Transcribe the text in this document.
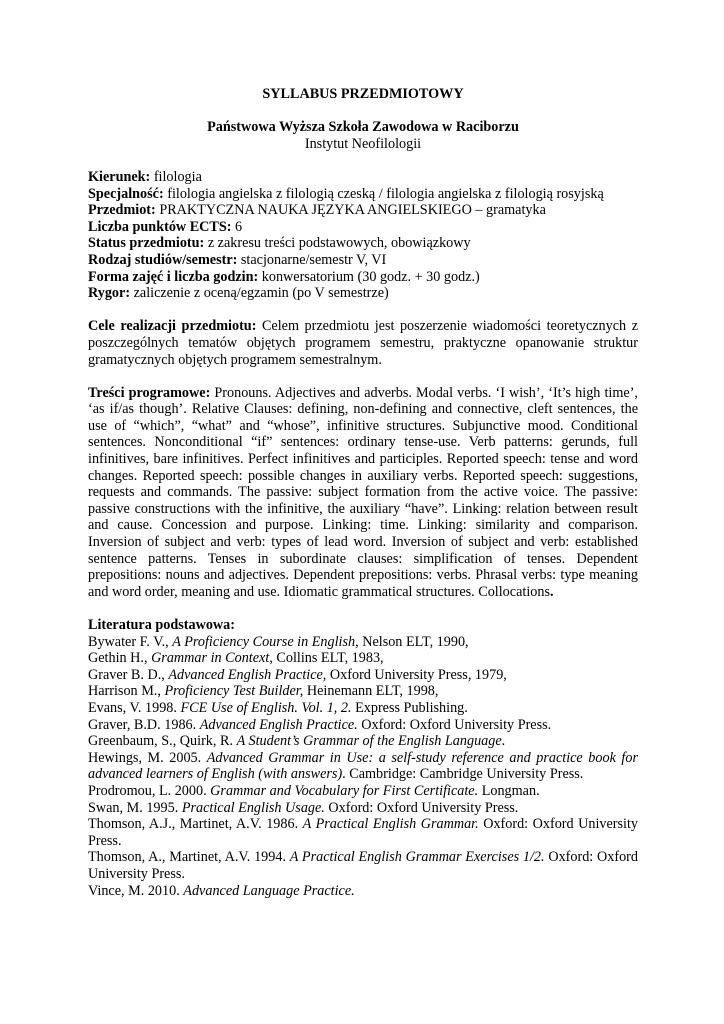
SYLLABUS PRZEDMIOTOWY

Państwowa Wyższa Szkoła Zawodowa w Raciborzu

Instytut Neofilologii

Kierunek: filologia

Specjalność: filologia angielska z filologią czeską / filologia angielska z filologią rosyjską

Przedmiot: PRAKTYCZNA NAUKA JĘZYKA ANGIELSKIEGO – gramatyka

Liczba punktów ECTS: 6

Status przedmiotu: z zakresu treści podstawowych, obowiązkowy

Rodzaj studiów/semestr: stacjonarne/semestr V, VI

Forma zajęć i liczba godzin: konwersatorium (30 godz. + 30 godz.)

Rygor: zaliczenie z oceną/egzamin (po V semestrze)

Cele realizacji przedmiotu: Celem przedmiotu jest poszerzenie wiadomości teoretycznych z poszczególnych tematów objętych programem semestru, praktyczne opanowanie struktur gramatycznych objętych programem semestralnym.

Treści programowe: Pronouns. Adjectives and adverbs. Modal verbs. ‘I wish’, ‘It’s high time’, ‘as if/as though’. Relative Clauses: defining, non-defining and connective, cleft sentences, the use of “which”, “what” and “whose”, infinitive structures. Subjunctive mood. Conditional sentences. Nonconditional “if” sentences: ordinary tense-use. Verb patterns: gerunds, full infinitives, bare infinitives. Perfect infinitives and participles. Reported speech: tense and word changes. Reported speech: possible changes in auxiliary verbs. Reported speech: suggestions, requests and commands. The passive: subject formation from the active voice. The passive: passive constructions with the infinitive, the auxiliary “have”. Linking: relation between result and cause. Concession and purpose. Linking: time. Linking: similarity and comparison. Inversion of subject and verb: types of lead word. Inversion of subject and verb: established sentence patterns. Tenses in subordinate clauses: simplification of tenses. Dependent prepositions: nouns and adjectives. Dependent prepositions: verbs. Phrasal verbs: type meaning and word order, meaning and use. Idiomatic grammatical structures. Collocations.

Literatura podstawowa:

Bywater F. V., A Proficiency Course in English, Nelson ELT, 1990,

Gethin H., Grammar in Context, Collins ELT, 1983,

Graver B. D., Advanced English Practice, Oxford University Press, 1979,

Harrison M., Proficiency Test Builder, Heinemann ELT, 1998,

Evans, V. 1998. FCE Use of English. Vol. 1, 2. Express Publishing.

Graver, B.D. 1986. Advanced English Practice. Oxford: Oxford University Press.

Greenbaum, S., Quirk, R. A Student’s Grammar of the English Language.

Hewings, M. 2005. Advanced Grammar in Use: a self-study reference and practice book for advanced learners of English (with answers). Cambridge: Cambridge University Press.

Prodromou, L. 2000. Grammar and Vocabulary for First Certificate. Longman.

Swan, M. 1995. Practical English Usage. Oxford: Oxford University Press.

Thomson, A.J., Martinet, A.V. 1986. A Practical English Grammar. Oxford: Oxford University Press.

Thomson, A., Martinet, A.V. 1994. A Practical English Grammar Exercises 1/2. Oxford: Oxford University Press.

Vince, M. 2010. Advanced Language Practice.
